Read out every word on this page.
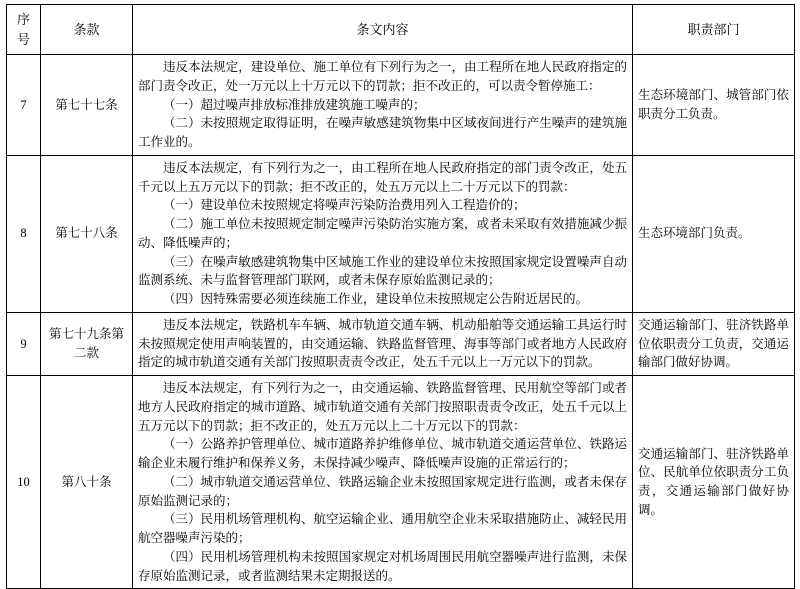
序号	条款	条文内容	职责部门
7	第七十七条	违反本法规定，建设单位、施工单位有下列行为之一，由工程所在地人民政府指定的部门责令改正，处一万元以上十万元以下的罚款；拒不改正的，可以责令暂停施工：

（一）超过噪声排放标准排放建筑施工噪声的；

（二）未按照规定取得证明，在噪声敏感建筑物集中区域夜间进行产生噪声的建筑施工作业的。	生态环境部门、城管部门依职责分工负责。
8	第七十八条	违反本法规定，有下列行为之一，由工程所在地人民政府指定的部门责令改正，处五千元以上五万元以下的罚款；拒不改正的，处五万元以上二十万元以下的罚款：

（一）建设单位未按照规定将噪声污染防治费用列入工程造价的；

（二）施工单位未按照规定制定噪声污染防治实施方案，或者未采取有效措施减少振动、降低噪声的；

（三）在噪声敏感建筑物集中区域施工作业的建设单位未按照国家规定设置噪声自动监测系统、未与监督管理部门联网，或者未保存原始监测记录的；

（四）因特殊需要必须连续施工作业，建设单位未按照规定公告附近居民的。	生态环境部门负责。
9	第七十九条第二款	违反本法规定，铁路机车车辆、城市轨道交通车辆、机动船舶等交通运输工具运行时未按照规定使用声响装置的，由交通运输、铁路监督管理、海事等部门或者地方人民政府指定的城市轨道交通有关部门按照职责责令改正，处五千元以上一万元以下的罚款。	交通运输部门、驻济铁路单位依职责分工负责，交通运输部门做好协调。
10	第八十条	违反本法规定，有下列行为之一，由交通运输、铁路监督管理、民用航空等部门或者地方人民政府指定的城市道路、城市轨道交通有关部门按照职责责令改正，处五千元以上五万元以下的罚款；拒不改正的，处五万元以上二十万元以下的罚款：

（一）公路养护管理单位、城市道路养护维修单位、城市轨道交通运营单位、铁路运输企业未履行维护和保养义务，未保持减少噪声、降低噪声设施的正常运行的；

（二）城市轨道交通运营单位、铁路运输企业未按照国家规定进行监测，或者未保存原始监测记录的；

（三）民用机场管理机构、航空运输企业、通用航空企业未采取措施防止、减轻民用航空器噪声污染的；

（四）民用机场管理机构未按照国家规定对机场周围民用航空器噪声进行监测，未保存原始监测记录，或者监测结果未定期报送的。	交通运输部门、驻济铁路单位、民航单位依职责分工负责，交通运输部门做好协调。
